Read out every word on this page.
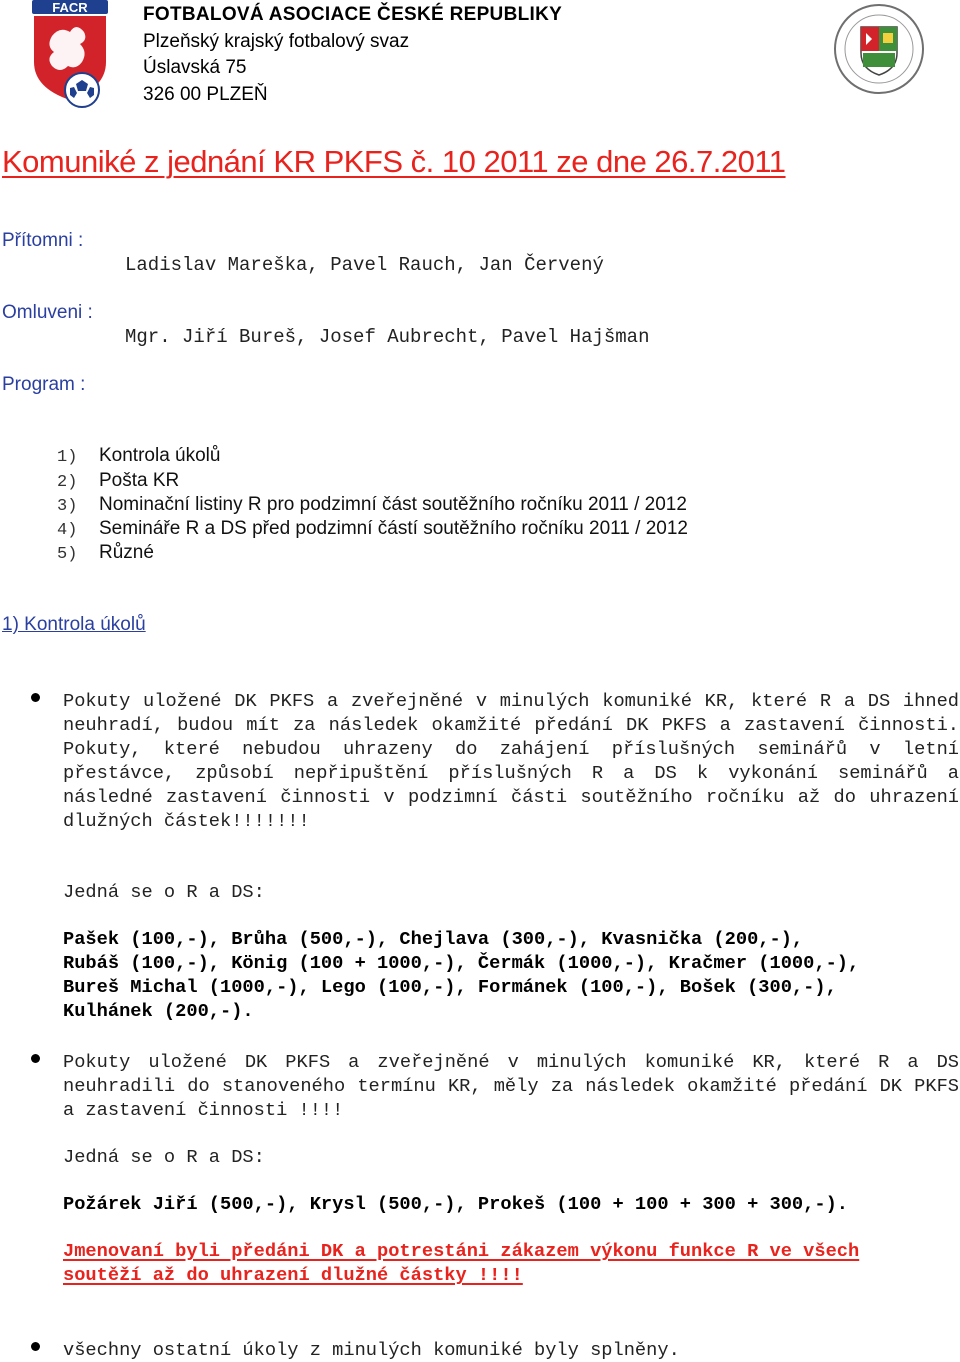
FACR	FOTBALOVÁ ASOCIACE ČESKÉ REPUBLIKY
Plzeňský krajský fotbalový svaz
Úslavská 75
326 00 PLZEŇ
Komuniké z jednání KR PKFS č. 10 2011 ze dne 26.7.2011
Přítomni :
Ladislav Mareška, Pavel Rauch, Jan Červený
Omluveni :
Mgr. Jiří Bureš, Josef Aubrecht, Pavel Hajšman
Program :
1) Kontrola úkolů
2) Pošta KR
3) Nominační listiny R pro podzimní část soutěžního ročníku 2011 / 2012
4) Semináře R a DS před podzimní částí soutěžního ročníku 2011 / 2012
5) Různé
1) Kontrola úkolů
Pokuty uložené DK PKFS a zveřejněné v minulých komuniké KR, které R a DS ihned neuhradí, budou mít za následek okamžité předání DK PKFS a zastavení činnosti. Pokuty, které nebudou uhrazeny do zahájení příslušných seminářů v letní přestávce, způsobí nepřipuštění příslušných R a DS k vykonání seminářů a následné zastavení činnosti v podzimní části soutěžního ročníku až do uhrazení dlužných částek!!!!!!!
Jedná se o R a DS:
Pašek (100,-), Brůha (500,-), Chejlava (300,-), Kvasnička (200,-),
Rubáš (100,-), König (100 + 1000,-), Čermák (1000,-), Kračmer (1000,-),
Bureš Michal (1000,-), Lego (100,-), Formánek (100,-), Bošek (300,-),
Kulhánek (200,-).
Pokuty uložené DK PKFS a zveřejněné v minulých komuniké KR, které R a DS neuhradili do stanoveného termínu KR, měly za následek okamžité předání DK PKFS a zastavení činnosti !!!!
Jedná se o R a DS:
Požárek Jiří (500,-), Krysl (500,-), Prokeš (100 + 100 + 300 + 300,-).
Jmenovaní byli předáni DK a potrestáni zákazem výkonu funkce R ve všech
soutěží až do uhrazení dlužné částky !!!!
všechny ostatní úkoly z minulých komuniké byly splněny.
